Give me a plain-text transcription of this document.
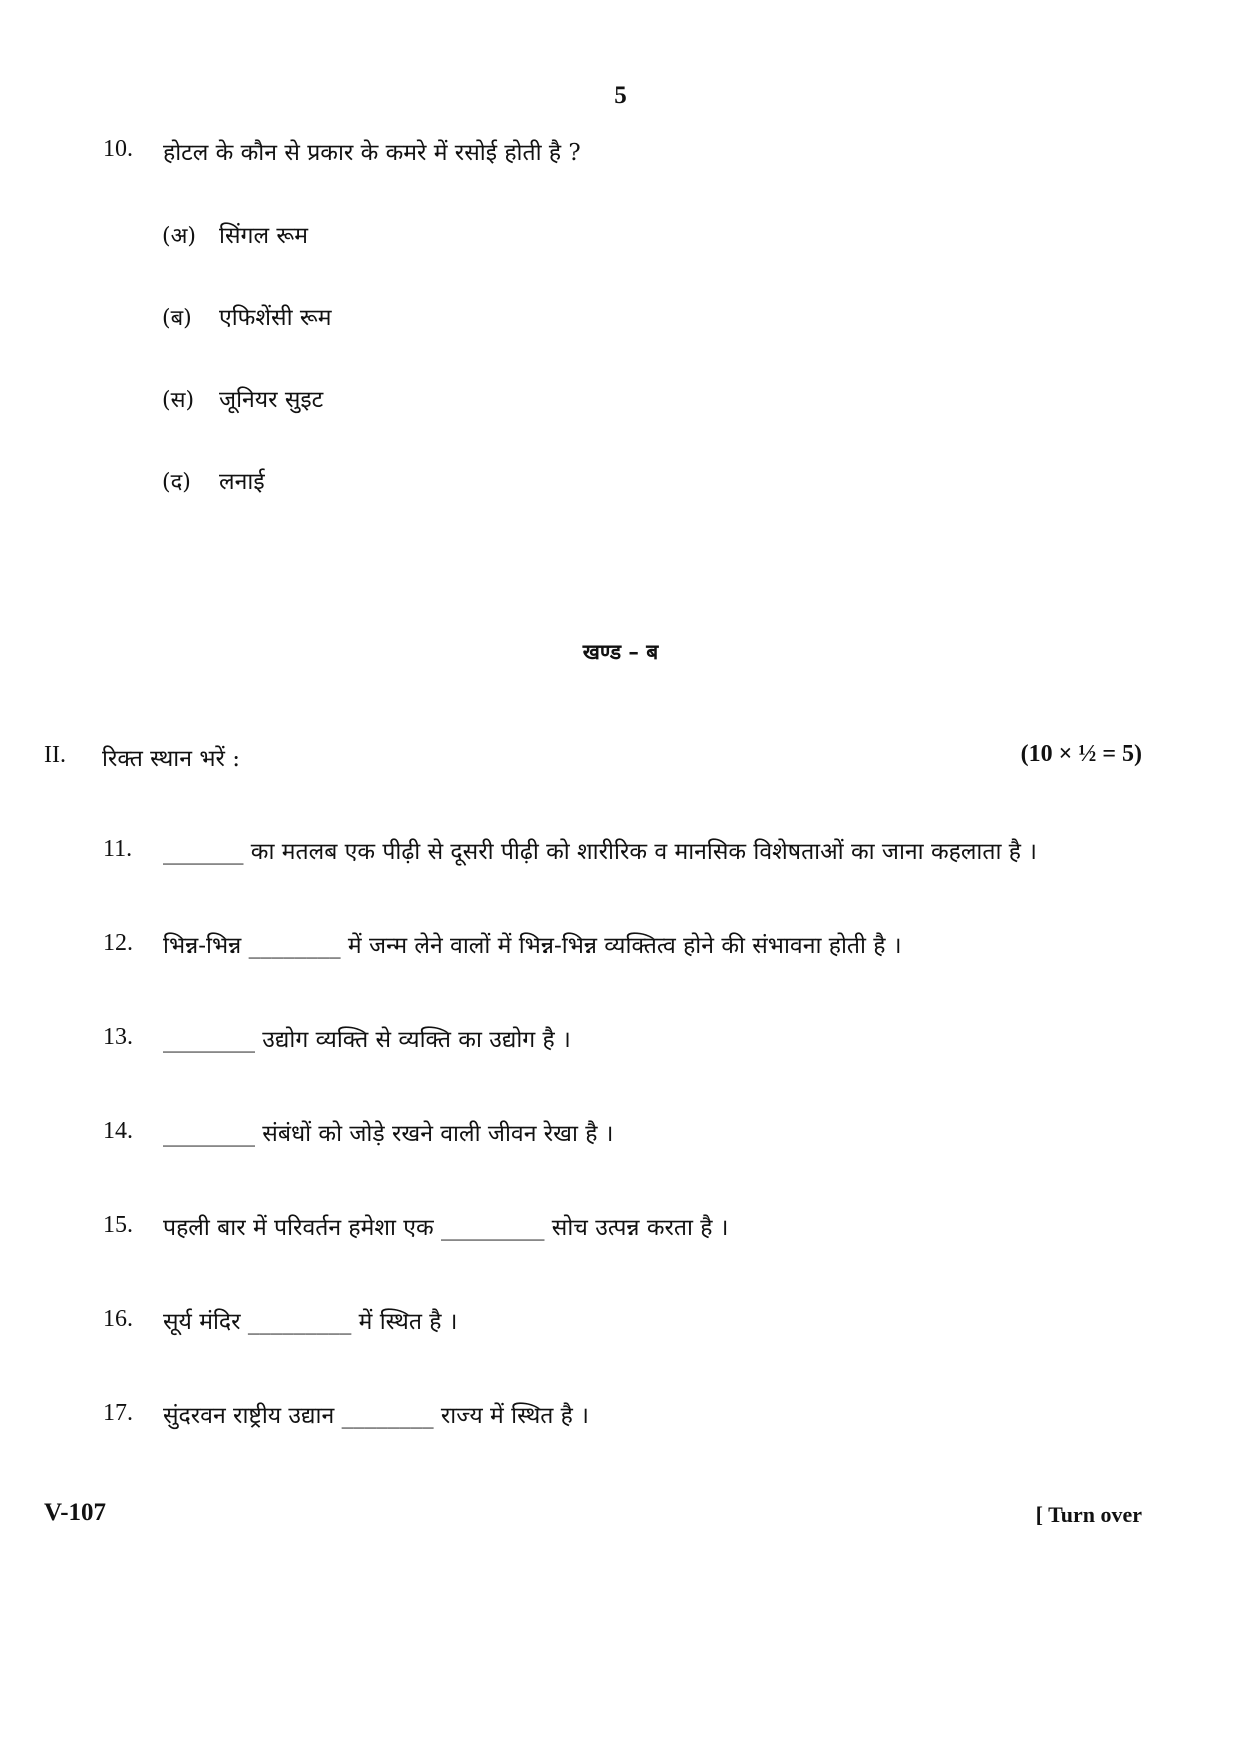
5
10. होटल के कौन से प्रकार के कमरे में रसोई होती है ?
(अ) सिंगल रूम
(ब) एफिशेंसी रूम
(स) जूनियर सुइट
(द) लनाई
खण्ड – ब
II. रिक्त स्थान भरें :	(10 × ½ = 5)
11. _______ का मतलब एक पीढ़ी से दूसरी पीढ़ी को शारीरिक व मानसिक विशेषताओं का जाना कहलाता है ।
12. भिन्न-भिन्न ________ में जन्म लेने वालों में भिन्न-भिन्न व्यक्तित्व होने की संभावना होती है ।
13. ________ उद्योग व्यक्ति से व्यक्ति का उद्योग है ।
14. ________ संबंधों को जोड़े रखने वाली जीवन रेखा है ।
15. पहली बार में परिवर्तन हमेशा एक _________ सोच उत्पन्न करता है ।
16. सूर्य मंदिर _________ में स्थित है ।
17. सुंदरवन राष्ट्रीय उद्यान ________ राज्य में स्थित है ।
V-107	[ Turn over
